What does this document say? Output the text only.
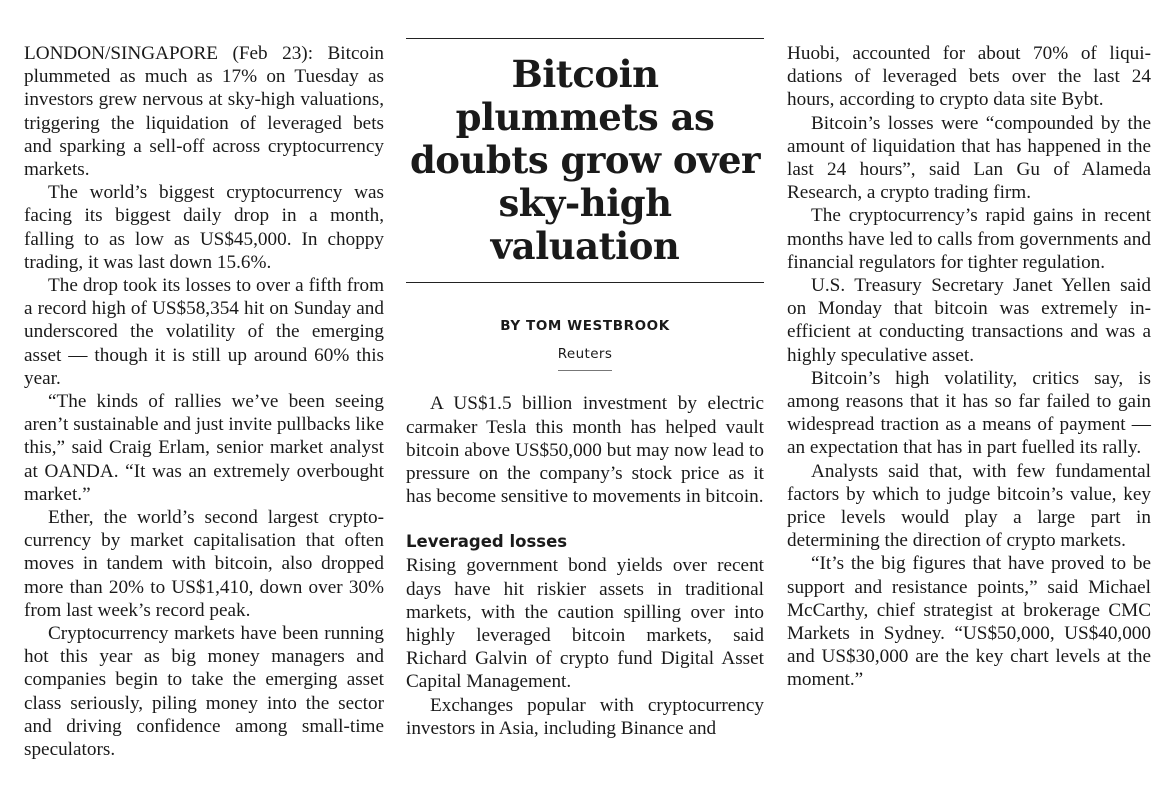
LONDON/SINGAPORE (Feb 23): Bitcoin plummeted as much as 17% on Tuesday as investors grew nervous at sky-high valuations, triggering the liquidation of leveraged bets and sparking a sell-off across cryptocurrency markets.

The world’s biggest cryptocurrency was facing its biggest daily drop in a month, falling to as low as US$45,000. In choppy trading, it was last down 15.6%.

The drop took its losses to over a fifth from a record high of US$58,354 hit on Sunday and underscored the volatility of the emerging asset — though it is still up around 60% this year.

“The kinds of rallies we’ve been seeing aren’t sustainable and just invite pullbacks like this,” said Craig Erlam, senior market analyst at OANDA. “It was an extremely overbought market.”

Ether, the world’s second largest cryptocurrency by market capitalisation that often moves in tandem with bitcoin, also dropped more than 20% to US$1,410, down over 30% from last week’s record peak.

Cryptocurrency markets have been running hot this year as big money managers and companies begin to take the emerging asset class seriously, piling money into the sector and driving confidence among small-time speculators.

Bitcoin plummets as doubts grow over sky-high valuation
BY TOM WESTBROOK
Reuters

A US$1.5 billion investment by electric carmaker Tesla this month has helped vault bitcoin above US$50,000 but may now lead to pressure on the company’s stock price as it has become sensitive to movements in bitcoin.

Leveraged losses

Rising government bond yields over recent days have hit riskier assets in traditional markets, with the caution spilling over into highly leveraged bitcoin markets, said Richard Galvin of crypto fund Digital Asset Capital Management.

Exchanges popular with cryptocurrency investors in Asia, including Binance and

Huobi, accounted for about 70% of liquidations of leveraged bets over the last 24 hours, according to crypto data site Bybt.

Bitcoin’s losses were “compounded by the amount of liquidation that has happened in the last 24 hours”, said Lan Gu of Alameda Research, a crypto trading firm.

The cryptocurrency’s rapid gains in recent months have led to calls from governments and financial regulators for tighter regulation.

U.S. Treasury Secretary Janet Yellen said on Monday that bitcoin was extremely inefficient at conducting transactions and was a highly speculative asset.

Bitcoin’s high volatility, critics say, is among reasons that it has so far failed to gain widespread traction as a means of payment — an expectation that has in part fuelled its rally.

Analysts said that, with few fundamental factors by which to judge bitcoin’s value, key price levels would play a large part in determining the direction of crypto markets.

“It’s the big figures that have proved to be support and resistance points,” said Michael McCarthy, chief strategist at brokerage CMC Markets in Sydney. “US$50,000, US$40,000 and US$30,000 are the key chart levels at the moment.”
